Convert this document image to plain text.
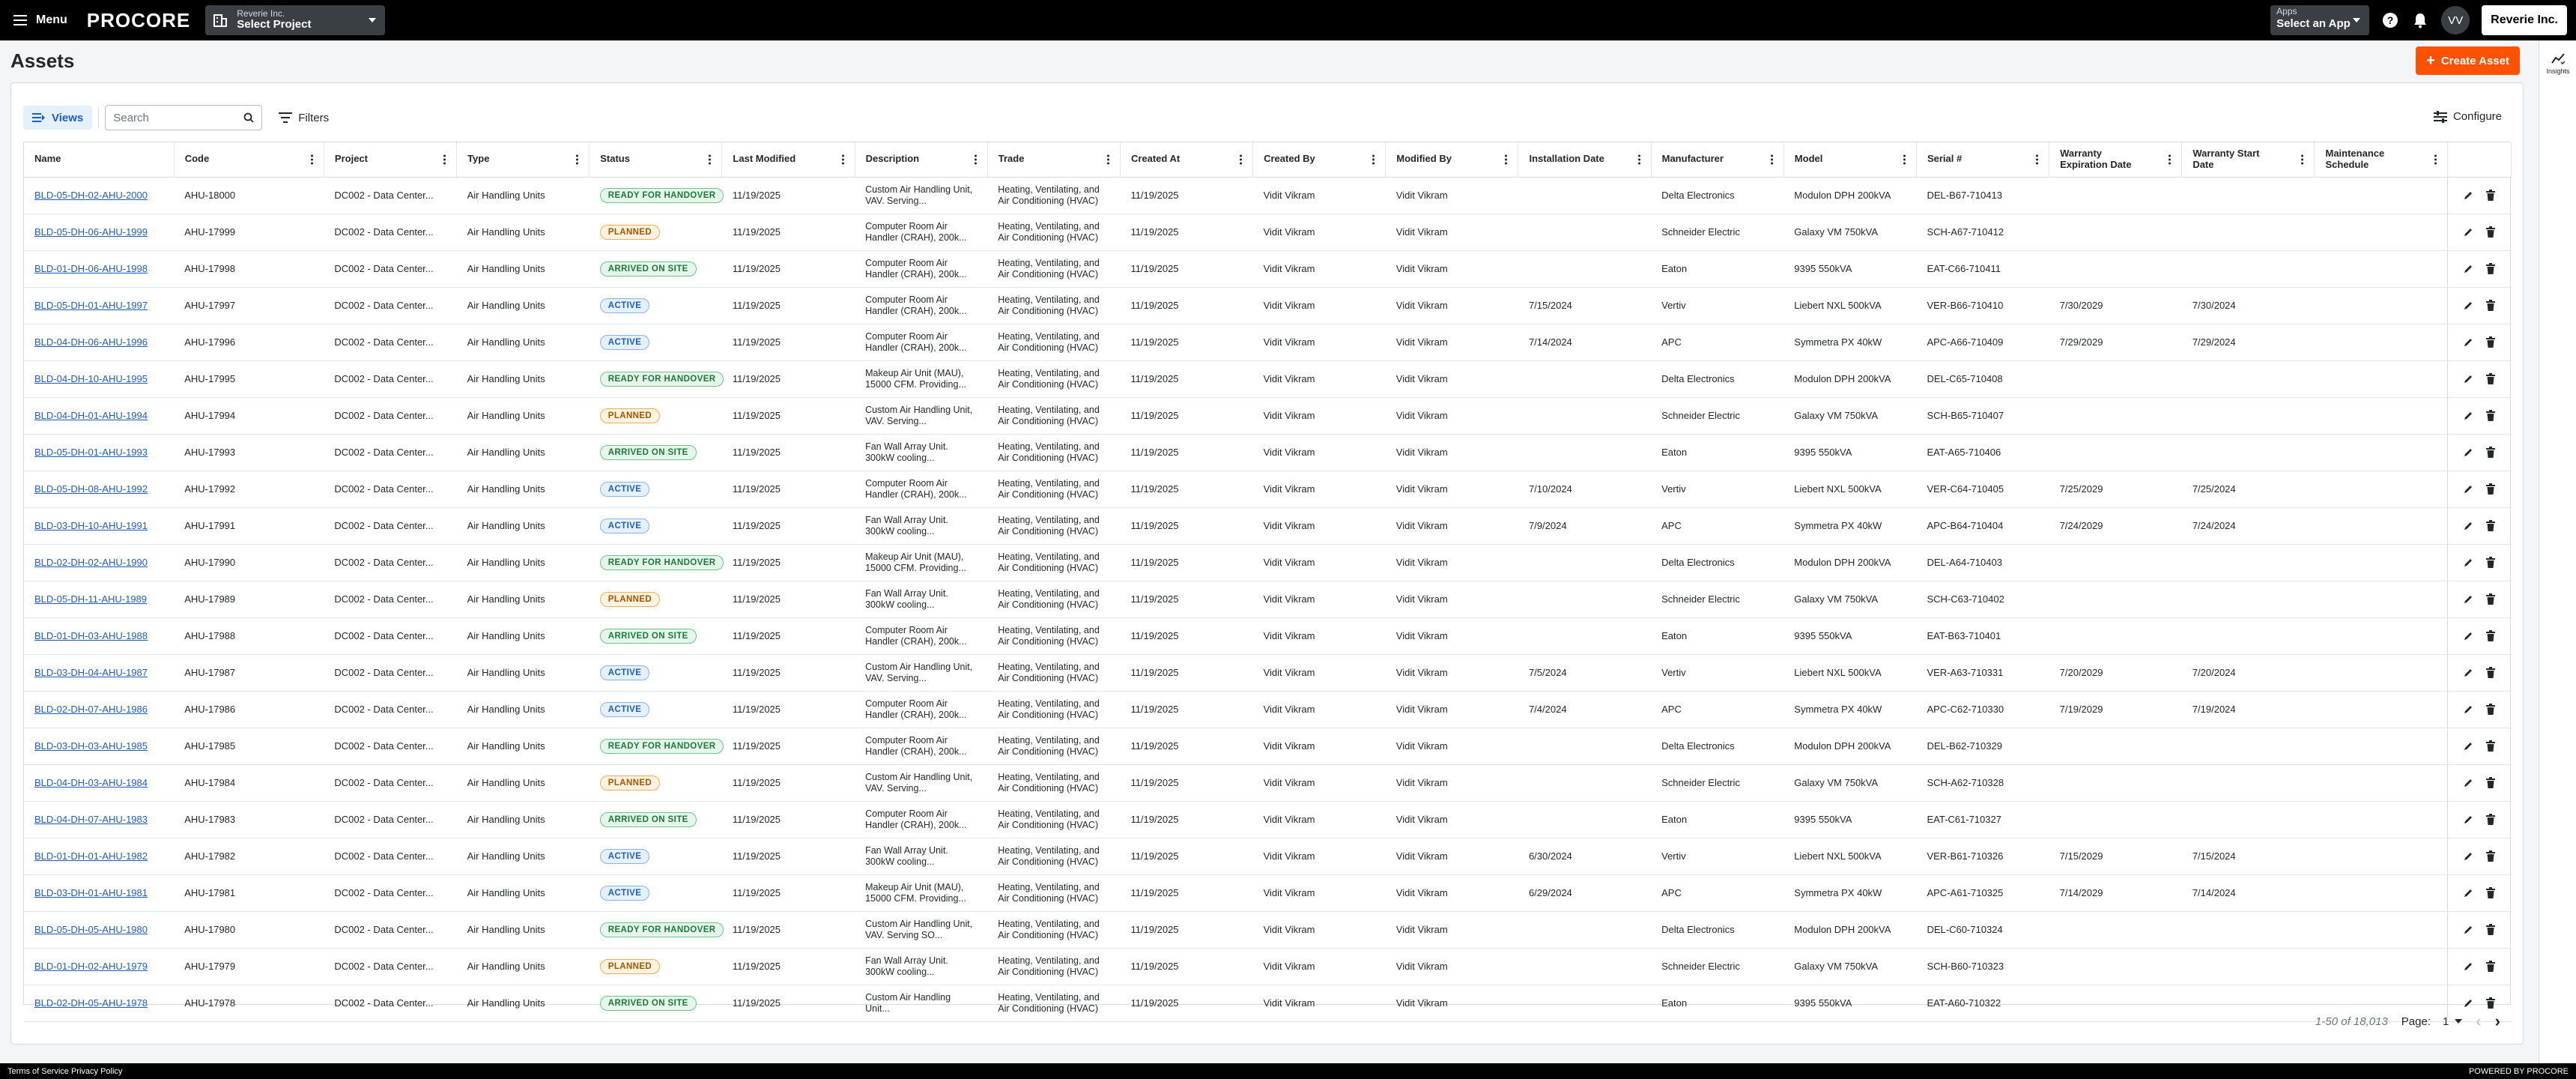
Menu PROCORE	Reverie Inc.
Select Project
Apps
Select an App	?	VV	Reverie Inc.
Assets	+ Create Asset
Insights
Views	Search	Filters	Configure
Name	Code	Project	Type	Status	Last Modified	Description	Trade	Created At	Created By	Modified By	Installation Date	Manufacturer	Model	Serial #	Warranty Expiration Date	Warranty Start Date	Maintenance Schedule

BLD-05-DH-02-AHU-2000	AHU-18000	DC002 - Data Center...	Air Handling Units	READY FOR HANDOVER	11/19/2025	Custom Air Handling Unit, VAV. Serving...	Heating, Ventilating, and Air Conditioning (HVAC)	11/19/2025	Vidit Vikram	Vidit Vikram		Delta Electronics	Modulon DPH 200kVA	DEL-B67-710413				

BLD-05-DH-06-AHU-1999	AHU-17999	DC002 - Data Center...	Air Handling Units	PLANNED	11/19/2025	Computer Room Air Handler (CRAH), 200k...	Heating, Ventilating, and Air Conditioning (HVAC)	11/19/2025	Vidit Vikram	Vidit Vikram		Schneider Electric	Galaxy VM 750kVA	SCH-A67-710412				

BLD-01-DH-06-AHU-1998	AHU-17998	DC002 - Data Center...	Air Handling Units	ARRIVED ON SITE	11/19/2025	Computer Room Air Handler (CRAH), 200k...	Heating, Ventilating, and Air Conditioning (HVAC)	11/19/2025	Vidit Vikram	Vidit Vikram		Eaton	9395 550kVA	EAT-C66-710411				

BLD-05-DH-01-AHU-1997	AHU-17997	DC002 - Data Center...	Air Handling Units	ACTIVE	11/19/2025	Computer Room Air Handler (CRAH), 200k...	Heating, Ventilating, and Air Conditioning (HVAC)	11/19/2025	Vidit Vikram	Vidit Vikram	7/15/2024	Vertiv	Liebert NXL 500kVA	VER-B66-710410	7/30/2029	7/30/2024		

BLD-04-DH-06-AHU-1996	AHU-17996	DC002 - Data Center...	Air Handling Units	ACTIVE	11/19/2025	Computer Room Air Handler (CRAH), 200k...	Heating, Ventilating, and Air Conditioning (HVAC)	11/19/2025	Vidit Vikram	Vidit Vikram	7/14/2024	APC	Symmetra PX 40kW	APC-A66-710409	7/29/2029	7/29/2024		

BLD-04-DH-10-AHU-1995	AHU-17995	DC002 - Data Center...	Air Handling Units	READY FOR HANDOVER	11/19/2025	Makeup Air Unit (MAU), 15000 CFM. Providing...	Heating, Ventilating, and Air Conditioning (HVAC)	11/19/2025	Vidit Vikram	Vidit Vikram		Delta Electronics	Modulon DPH 200kVA	DEL-C65-710408				

BLD-04-DH-01-AHU-1994	AHU-17994	DC002 - Data Center...	Air Handling Units	PLANNED	11/19/2025	Custom Air Handling Unit, VAV. Serving...	Heating, Ventilating, and Air Conditioning (HVAC)	11/19/2025	Vidit Vikram	Vidit Vikram		Schneider Electric	Galaxy VM 750kVA	SCH-B65-710407				

BLD-05-DH-01-AHU-1993	AHU-17993	DC002 - Data Center...	Air Handling Units	ARRIVED ON SITE	11/19/2025	Fan Wall Array Unit. 300kW cooling...	Heating, Ventilating, and Air Conditioning (HVAC)	11/19/2025	Vidit Vikram	Vidit Vikram		Eaton	9395 550kVA	EAT-A65-710406				

BLD-05-DH-08-AHU-1992	AHU-17992	DC002 - Data Center...	Air Handling Units	ACTIVE	11/19/2025	Computer Room Air Handler (CRAH), 200k...	Heating, Ventilating, and Air Conditioning (HVAC)	11/19/2025	Vidit Vikram	Vidit Vikram	7/10/2024	Vertiv	Liebert NXL 500kVA	VER-C64-710405	7/25/2029	7/25/2024		

BLD-03-DH-10-AHU-1991	AHU-17991	DC002 - Data Center...	Air Handling Units	ACTIVE	11/19/2025	Fan Wall Array Unit. 300kW cooling...	Heating, Ventilating, and Air Conditioning (HVAC)	11/19/2025	Vidit Vikram	Vidit Vikram	7/9/2024	APC	Symmetra PX 40kW	APC-B64-710404	7/24/2029	7/24/2024		

BLD-02-DH-02-AHU-1990	AHU-17990	DC002 - Data Center...	Air Handling Units	READY FOR HANDOVER	11/19/2025	Makeup Air Unit (MAU), 15000 CFM. Providing...	Heating, Ventilating, and Air Conditioning (HVAC)	11/19/2025	Vidit Vikram	Vidit Vikram		Delta Electronics	Modulon DPH 200kVA	DEL-A64-710403				

BLD-05-DH-11-AHU-1989	AHU-17989	DC002 - Data Center...	Air Handling Units	PLANNED	11/19/2025	Fan Wall Array Unit. 300kW cooling...	Heating, Ventilating, and Air Conditioning (HVAC)	11/19/2025	Vidit Vikram	Vidit Vikram		Schneider Electric	Galaxy VM 750kVA	SCH-C63-710402				

BLD-01-DH-03-AHU-1988	AHU-17988	DC002 - Data Center...	Air Handling Units	ARRIVED ON SITE	11/19/2025	Computer Room Air Handler (CRAH), 200k...	Heating, Ventilating, and Air Conditioning (HVAC)	11/19/2025	Vidit Vikram	Vidit Vikram		Eaton	9395 550kVA	EAT-B63-710401				

BLD-03-DH-04-AHU-1987	AHU-17987	DC002 - Data Center...	Air Handling Units	ACTIVE	11/19/2025	Custom Air Handling Unit, VAV. Serving...	Heating, Ventilating, and Air Conditioning (HVAC)	11/19/2025	Vidit Vikram	Vidit Vikram	7/5/2024	Vertiv	Liebert NXL 500kVA	VER-A63-710331	7/20/2029	7/20/2024		

BLD-02-DH-07-AHU-1986	AHU-17986	DC002 - Data Center...	Air Handling Units	ACTIVE	11/19/2025	Computer Room Air Handler (CRAH), 200k...	Heating, Ventilating, and Air Conditioning (HVAC)	11/19/2025	Vidit Vikram	Vidit Vikram	7/4/2024	APC	Symmetra PX 40kW	APC-C62-710330	7/19/2029	7/19/2024		

BLD-03-DH-03-AHU-1985	AHU-17985	DC002 - Data Center...	Air Handling Units	READY FOR HANDOVER	11/19/2025	Computer Room Air Handler (CRAH), 200k...	Heating, Ventilating, and Air Conditioning (HVAC)	11/19/2025	Vidit Vikram	Vidit Vikram		Delta Electronics	Modulon DPH 200kVA	DEL-B62-710329				

BLD-04-DH-03-AHU-1984	AHU-17984	DC002 - Data Center...	Air Handling Units	PLANNED	11/19/2025	Custom Air Handling Unit, VAV. Serving...	Heating, Ventilating, and Air Conditioning (HVAC)	11/19/2025	Vidit Vikram	Vidit Vikram		Schneider Electric	Galaxy VM 750kVA	SCH-A62-710328				

BLD-04-DH-07-AHU-1983	AHU-17983	DC002 - Data Center...	Air Handling Units	ARRIVED ON SITE	11/19/2025	Computer Room Air Handler (CRAH), 200k...	Heating, Ventilating, and Air Conditioning (HVAC)	11/19/2025	Vidit Vikram	Vidit Vikram		Eaton	9395 550kVA	EAT-C61-710327				

BLD-01-DH-01-AHU-1982	AHU-17982	DC002 - Data Center...	Air Handling Units	ACTIVE	11/19/2025	Fan Wall Array Unit. 300kW cooling...	Heating, Ventilating, and Air Conditioning (HVAC)	11/19/2025	Vidit Vikram	Vidit Vikram	6/30/2024	Vertiv	Liebert NXL 500kVA	VER-B61-710326	7/15/2029	7/15/2024		

BLD-03-DH-01-AHU-1981	AHU-17981	DC002 - Data Center...	Air Handling Units	ACTIVE	11/19/2025	Makeup Air Unit (MAU), 15000 CFM. Providing...	Heating, Ventilating, and Air Conditioning (HVAC)	11/19/2025	Vidit Vikram	Vidit Vikram	6/29/2024	APC	Symmetra PX 40kW	APC-A61-710325	7/14/2029	7/14/2024		

BLD-05-DH-05-AHU-1980	AHU-17980	DC002 - Data Center...	Air Handling Units	READY FOR HANDOVER	11/19/2025	Custom Air Handling Unit, VAV. Serving SO...	Heating, Ventilating, and Air Conditioning (HVAC)	11/19/2025	Vidit Vikram	Vidit Vikram		Delta Electronics	Modulon DPH 200kVA	DEL-C60-710324				

BLD-01-DH-02-AHU-1979	AHU-17979	DC002 - Data Center...	Air Handling Units	PLANNED	11/19/2025	Fan Wall Array Unit. 300kW cooling...	Heating, Ventilating, and Air Conditioning (HVAC)	11/19/2025	Vidit Vikram	Vidit Vikram		Schneider Electric	Galaxy VM 750kVA	SCH-B60-710323				

BLD-02-DH-05-AHU-1978	AHU-17978	DC002 - Data Center...	Air Handling Units	ARRIVED ON SITE	11/19/2025	Custom Air Handling Unit...	Heating, Ventilating, and Air Conditioning (HVAC)	11/19/2025	Vidit Vikram	Vidit Vikram		Eaton	9395 550kVA	EAT-A60-710322				
1-50 of 18,013 Page: 1 ‹ ›
Terms of Service Privacy Policy	POWERED BY PROCORE
